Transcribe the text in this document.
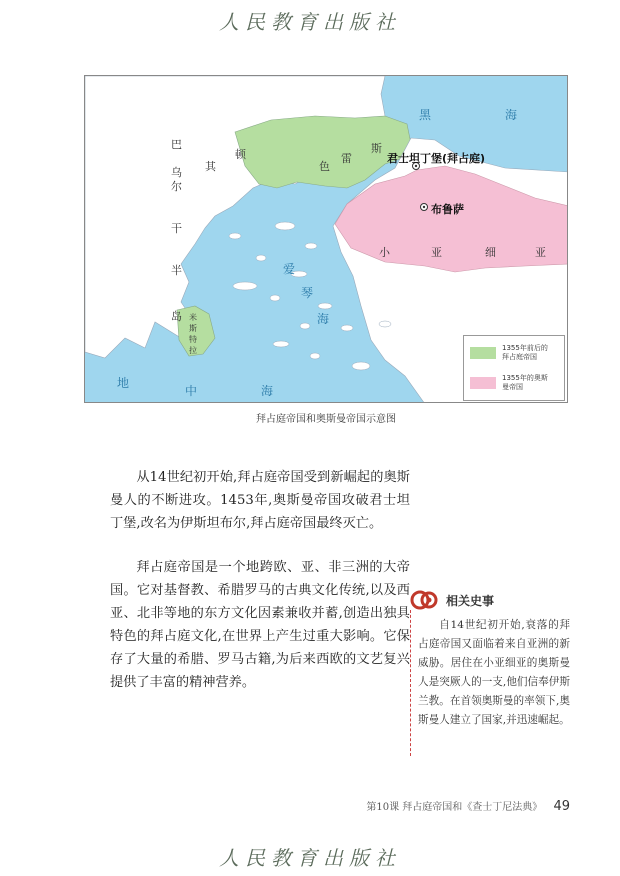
人民教育出版社
巴
乌
尔
干
半
岛
其
顿
色
雷
斯
爱
琴
海
黑	海
小	亚	细	亚
地
中	海
米斯特拉
君士坦丁堡(拜占庭)
布鲁萨
1355年前后的拜占庭帝国
1355年的奥斯曼帝国
拜占庭帝国和奥斯曼帝国示意图

从14世纪初开始,拜占庭帝国受到新崛起的奥斯曼人的不断进攻。1453年,奥斯曼帝国攻破君士坦丁堡,改名为伊斯坦布尔,拜占庭帝国最终灭亡。

拜占庭帝国是一个地跨欧、亚、非三洲的大帝国。它对基督教、希腊罗马的古典文化传统,以及西亚、北非等地的东方文化因素兼收并蓄,创造出独具特色的拜占庭文化,在世界上产生过重大影响。它保存了大量的希腊、罗马古籍,为后来西欧的文艺复兴提供了丰富的精神营养。

相关史事

自14世纪初开始,衰落的拜占庭帝国又面临着来自亚洲的新威胁。居住在小亚细亚的奥斯曼人是突厥人的一支,他们信奉伊斯兰教。在首领奥斯曼的率领下,奥斯曼人建立了国家,并迅速崛起。

第10课 拜占庭帝国和《查士丁尼法典》 49
人民教育出版社
